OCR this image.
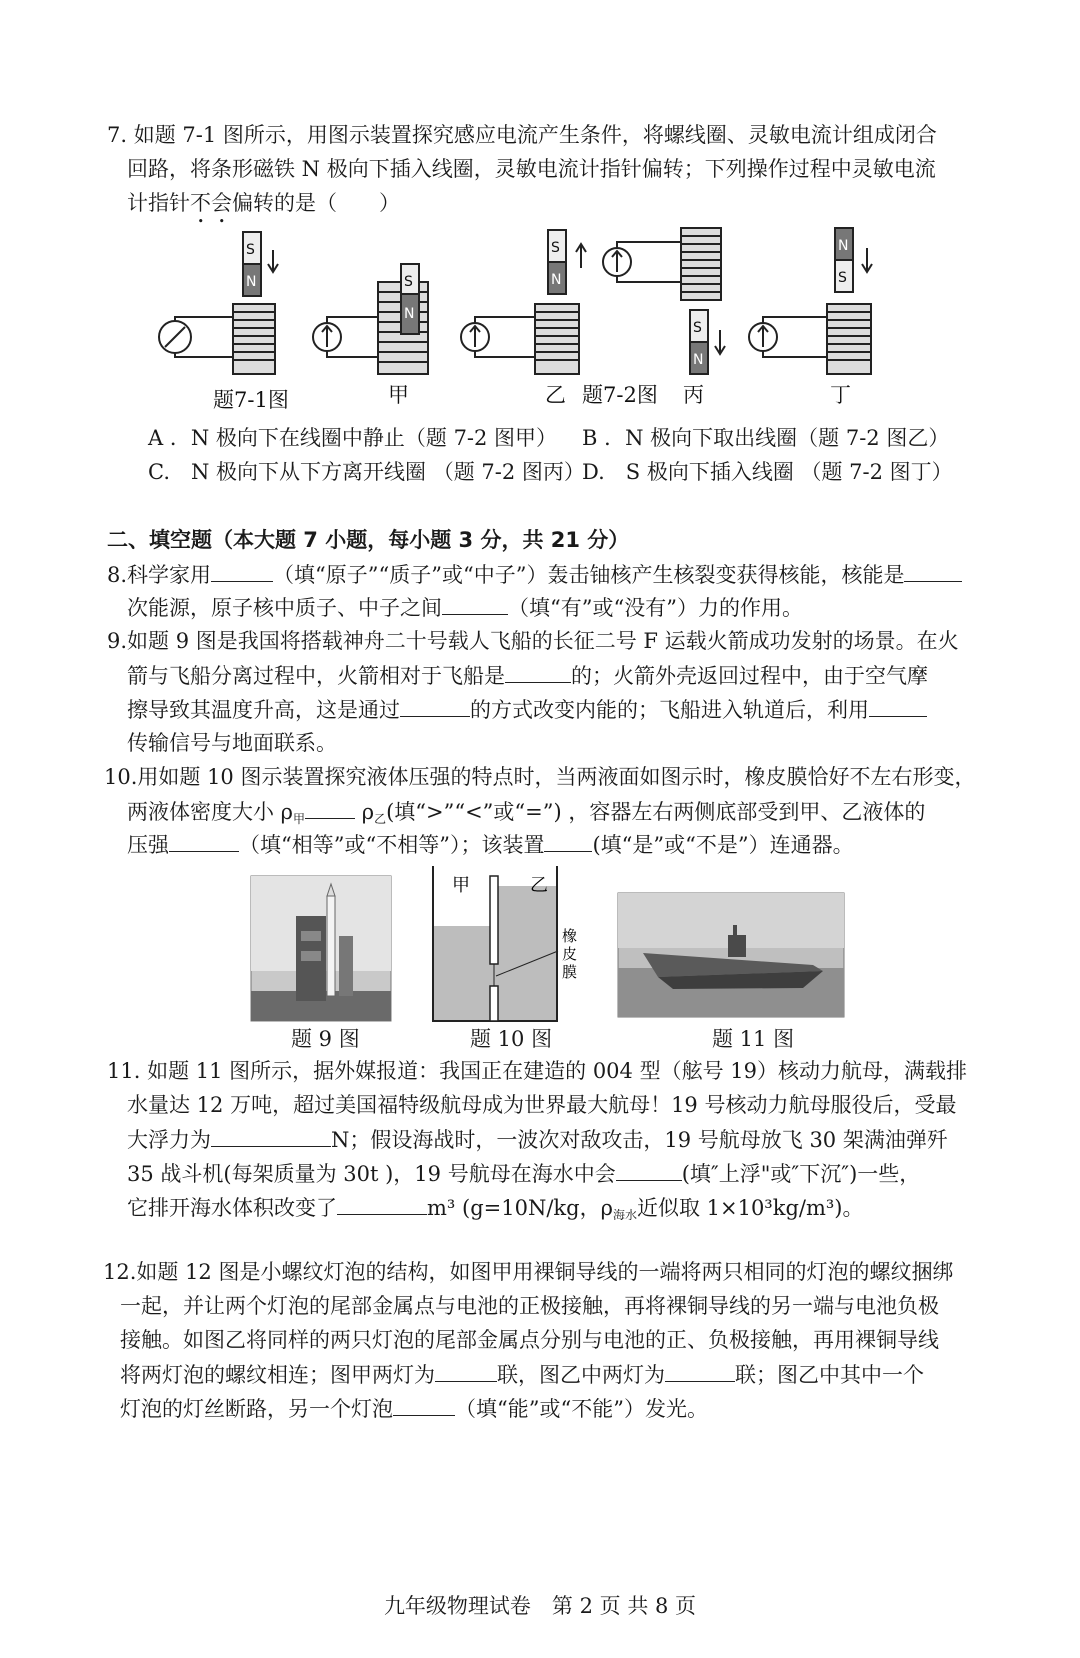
7. 如题 7-1 图所示，用图示装置探究感应电流产生条件，将螺线圈、灵敏电流计组成闭合
回路，将条形磁铁 N 极向下插入线圈，灵敏电流计指针偏转；下列操作过程中灵敏电流
计指针不会偏转的是（　　）
S
N	S
N
S
N
S
N
N
S
题7-1图	甲	乙 题7-2图 丙	丁
A ．N 极向下在线圈中静止（题 7-2 图甲） B ．N 极向下取出线圈（题 7-2 图乙）
C.　N 极向下从下方离开线圈 （题 7-2 图丙）
D.　S 极向下插入线圈 （题 7-2 图丁）
二、填空题（本大题 7 小题，每小题 3 分，共 21 分）
8.科学家用	（填“原子”“质子”或“中子”）轰击铀核产生核裂变获得核能，核能是
次能源，原子核中质子、中子之间	（填“有”或“没有”）力的作用。
9.如题 9 图是我国将搭载神舟二十号载人飞船的长征二号 F 运载火箭成功发射的场景。在火
箭与飞船分离过程中，火箭相对于飞船是	的；火箭外壳返回过程中，由于空气摩
擦导致其温度升高，这是通过	的方式改变内能的；飞船进入轨道后，利用
传输信号与地面联系。
10.用如题 10 图示装置探究液体压强的特点时，当两液面如图示时，橡皮膜恰好不左右形变，
两液体密度大小 $\rho_甲$ $\rho_乙$(填“>”“<”或“=”) ，容器左右两侧底部受到甲、乙液体的
压强	（填“相等”或“不相等”）；该装置 (填“是”或“不是”）连通器。
甲	乙
橡
皮
膜
题 9 图	题 10 图	题 11 图
11. 如题 11 图所示，据外媒报道：我国正在建造的 004 型（舷号 19）核动力航母，满载排
水量达 12 万吨，超过美国福特级航母成为世界最大航母！19 号核动力航母服役后，受最
大浮力为	N；假设海战时，一波次对敌攻击，19 号航母放飞 30 架满油弹歼
35 战斗机(每架质量为 30t )，19 号航母在海水中会	(填″上浮"或″下沉″)一些，
它排开海水体积改变了	m³ (g=10N/kg，$\rho_{海水}$近似取 1×10³kg/m³)。
12.如题 12 图是小螺纹灯泡的结构，如图甲用裸铜导线的一端将两只相同的灯泡的螺纹捆绑
一起，并让两个灯泡的尾部金属点与电池的正极接触，再将裸铜导线的另一端与电池负极
接触。如图乙将同样的两只灯泡的尾部金属点分别与电池的正、负极接触，再用裸铜导线
将两灯泡的螺纹相连；图甲两灯为	联，图乙中两灯为	联；图乙中其中一个
灯泡的灯丝断路，另一个灯泡	（填“能”或“不能”）发光。
九年级物理试卷　第 2 页 共 8 页
